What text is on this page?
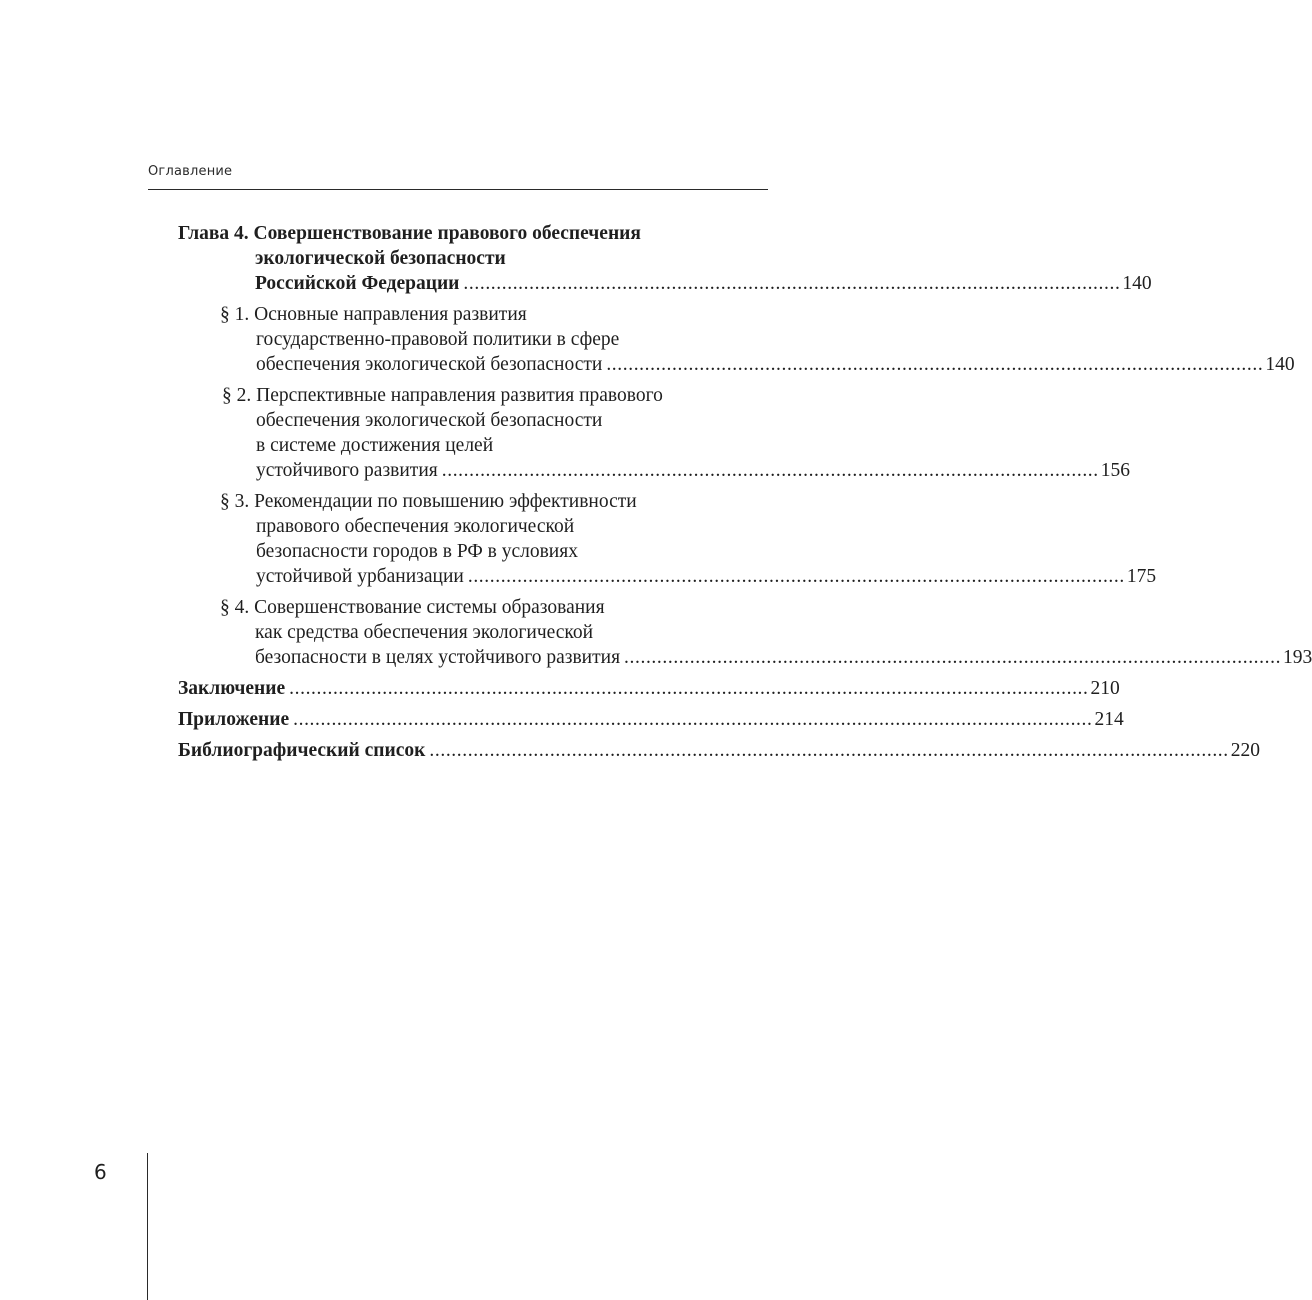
Оглавление
Глава 4. Совершенствование правового обеспечения
экологической безопасности
Российской Федерации ........................................................................................................................ 140
§ 1. Основные направления развития
государственно-правовой политики в сфере
обеспечения экологической безопасности ........................................................................................................................ 140
§ 2. Перспективные направления развития правового
обеспечения экологической безопасности
в системе достижения целей
устойчивого развития ........................................................................................................................ 156
§ 3. Рекомендации по повышению эффективности
правового обеспечения экологической
безопасности городов в РФ в условиях
устойчивой урбанизации ........................................................................................................................ 175
§ 4. Совершенствование системы образования
как средства обеспечения экологической
безопасности в целях устойчивого развития ........................................................................................................................ 193
Заключение .................................................................................................................................................. 210
Приложение .................................................................................................................................................. 214
Библиографический список .................................................................................................................................................. 220
6
